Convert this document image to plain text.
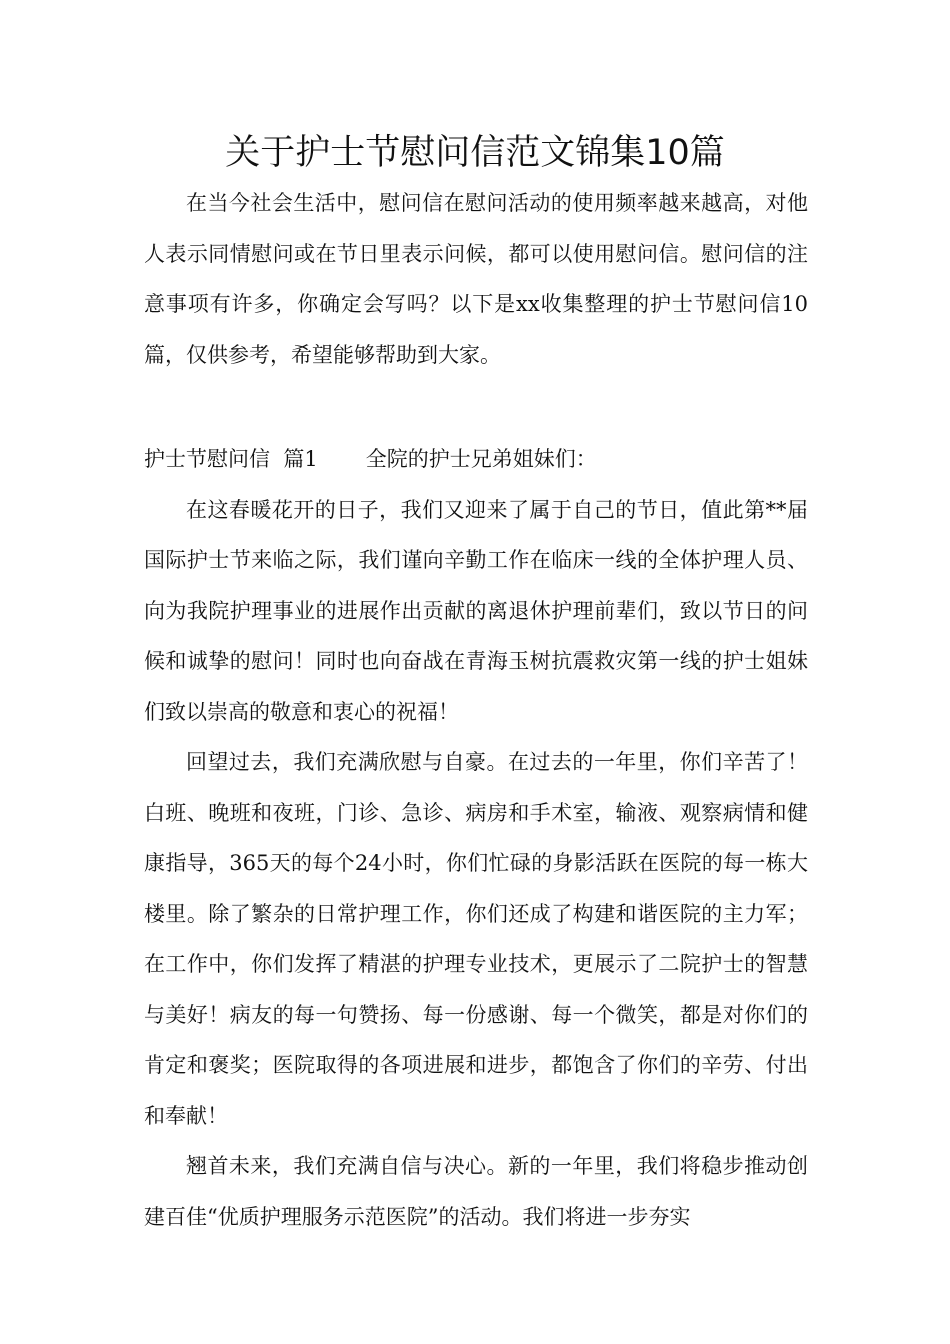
关于护士节慰问信范文锦集10篇

在当今社会生活中，慰问信在慰问活动的使用频率越来越高，对他人表示同情慰问或在节日里表示问候，都可以使用慰问信。慰问信的注意事项有许多，你确定会写吗？以下是xx收集整理的护士节慰问信10篇，仅供参考，希望能够帮助到大家。

护士节慰问信  篇1 全院的护士兄弟姐妹们：

在这春暖花开的日子，我们又迎来了属于自己的节日，值此第**届国际护士节来临之际，我们谨向辛勤工作在临床一线的全体护理人员、向为我院护理事业的进展作出贡献的离退休护理前辈们，致以节日的问候和诚挚的慰问！同时也向奋战在青海玉树抗震救灾第一线的护士姐妹们致以崇高的敬意和衷心的祝福！

回望过去，我们充满欣慰与自豪。在过去的一年里，你们辛苦了！白班、晚班和夜班，门诊、急诊、病房和手术室，输液、观察病情和健康指导，365天的每个24小时，你们忙碌的身影活跃在医院的每一栋大楼里。除了繁杂的日常护理工作，你们还成了构建和谐医院的主力军；在工作中，你们发挥了精湛的护理专业技术，更展示了二院护士的智慧与美好！病友的每一句赞扬、每一份感谢、每一个微笑，都是对你们的肯定和褒奖；医院取得的各项进展和进步，都饱含了你们的辛劳、付出和奉献！

翘首未来，我们充满自信与决心。新的一年里，我们将稳步推动创建百佳“优质护理服务示范医院”的活动。我们将进一步夯实
